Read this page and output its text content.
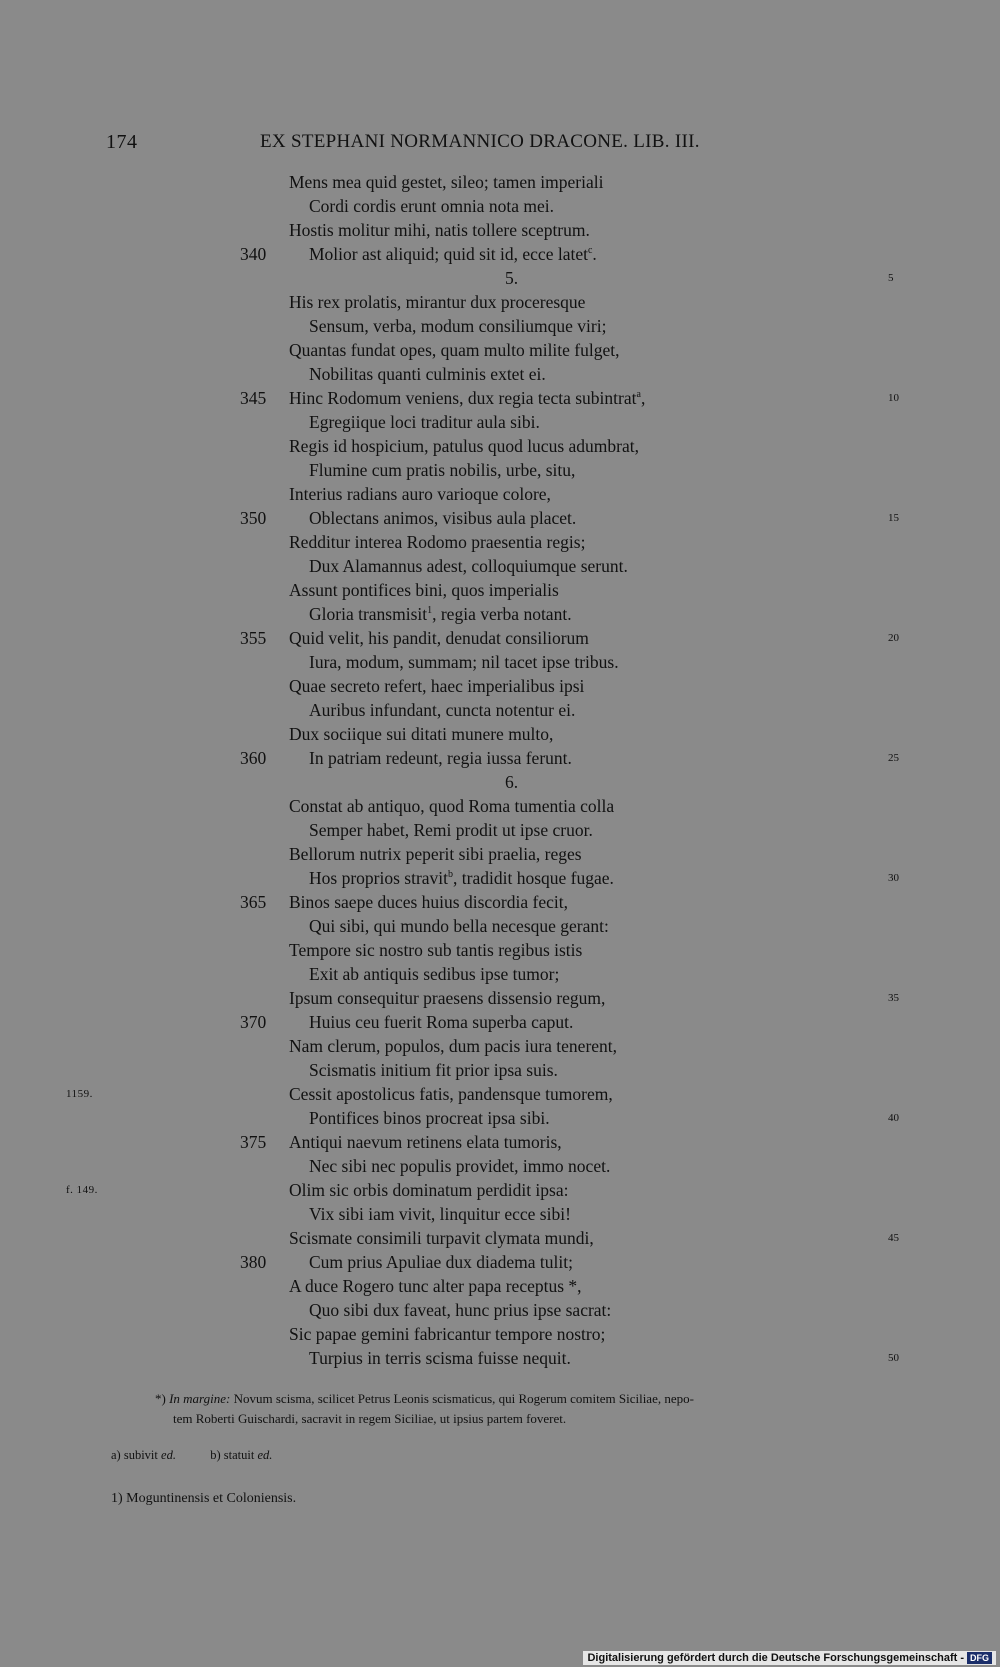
174	EX STEPHANI NORMANNICO DRACONE. LIB. III.
Mens mea quid gestet, sileo; tamen imperiali
Cordi cordis erunt omnia nota mei.
Hostis molitur mihi, natis tollere sceptrum.
340	Molior ast aliquid; quid sit id, ecce latet$^c$.
5.	5
His rex prolatis, mirantur dux proceresque
Sensum, verba, modum consiliumque viri;
Quantas fundat opes, quam multo milite fulget,
Nobilitas quanti culminis extet ei.
345	Hinc Rodomum veniens, dux regia tecta subintrat$^a$,	10
Egregiique loci traditur aula sibi.
Regis id hospicium, patulus quod lucus adumbrat,
Flumine cum pratis nobilis, urbe, situ,
Interius radians auro varioque colore,
350	Oblectans animos, visibus aula placet.	15
Redditur interea Rodomo praesentia regis;
Dux Alamannus adest, colloquiumque serunt.
Assunt pontifices bini, quos imperialis
Gloria transmisit$^1$, regia verba notant.
355	Quid velit, his pandit, denudat consiliorum	20
Iura, modum, summam; nil tacet ipse tribus.
Quae secreto refert, haec imperialibus ipsi
Auribus infundant, cuncta notentur ei.
Dux sociique sui ditati munere multo,
360	In patriam redeunt, regia iussa ferunt.	25
6.
Constat ab antiquo, quod Roma tumentia colla
Semper habet, Remi prodit ut ipse cruor.
Bellorum nutrix peperit sibi praelia, reges
Hos proprios stravit$^b$, tradidit hosque fugae.	30
365	Binos saepe duces huius discordia fecit,
Qui sibi, qui mundo bella necesque gerant:
Tempore sic nostro sub tantis regibus istis
Exit ab antiquis sedibus ipse tumor;
Ipsum consequitur praesens dissensio regum,	35
370	Huius ceu fuerit Roma superba caput.
Nam clerum, populos, dum pacis iura tenerent,
Scismatis initium fit prior ipsa suis.
1159.	Cessit apostolicus fatis, pandensque tumorem,
Pontifices binos procreat ipsa sibi.	40
375	Antiqui naevum retinens elata tumoris,
Nec sibi nec populis providet, immo nocet.
f. 149.	Olim sic orbis dominatum perdidit ipsa:
Vix sibi iam vivit, linquitur ecce sibi!
Scismate consimili turpavit clymata mundi,	45
380	Cum prius Apuliae dux diadema tulit;
A duce Rogero tunc alter papa receptus *,
Quo sibi dux faveat, hunc prius ipse sacrat:
Sic papae gemini fabricantur tempore nostro;
Turpius in terris scisma fuisse nequit.	50
*) In margine: Novum scisma, scilicet Petrus Leonis scismaticus, qui Rogerum comitem Siciliae, nepo-
tem Roberti Guischardi, sacravit in regem Siciliae, ut ipsius partem foveret.
a) subivit ed.	b) statuit ed.
1) Moguntinensis et Coloniensis.
Digitalisierung gefördert durch die Deutsche Forschungsgemeinschaft - DFG
